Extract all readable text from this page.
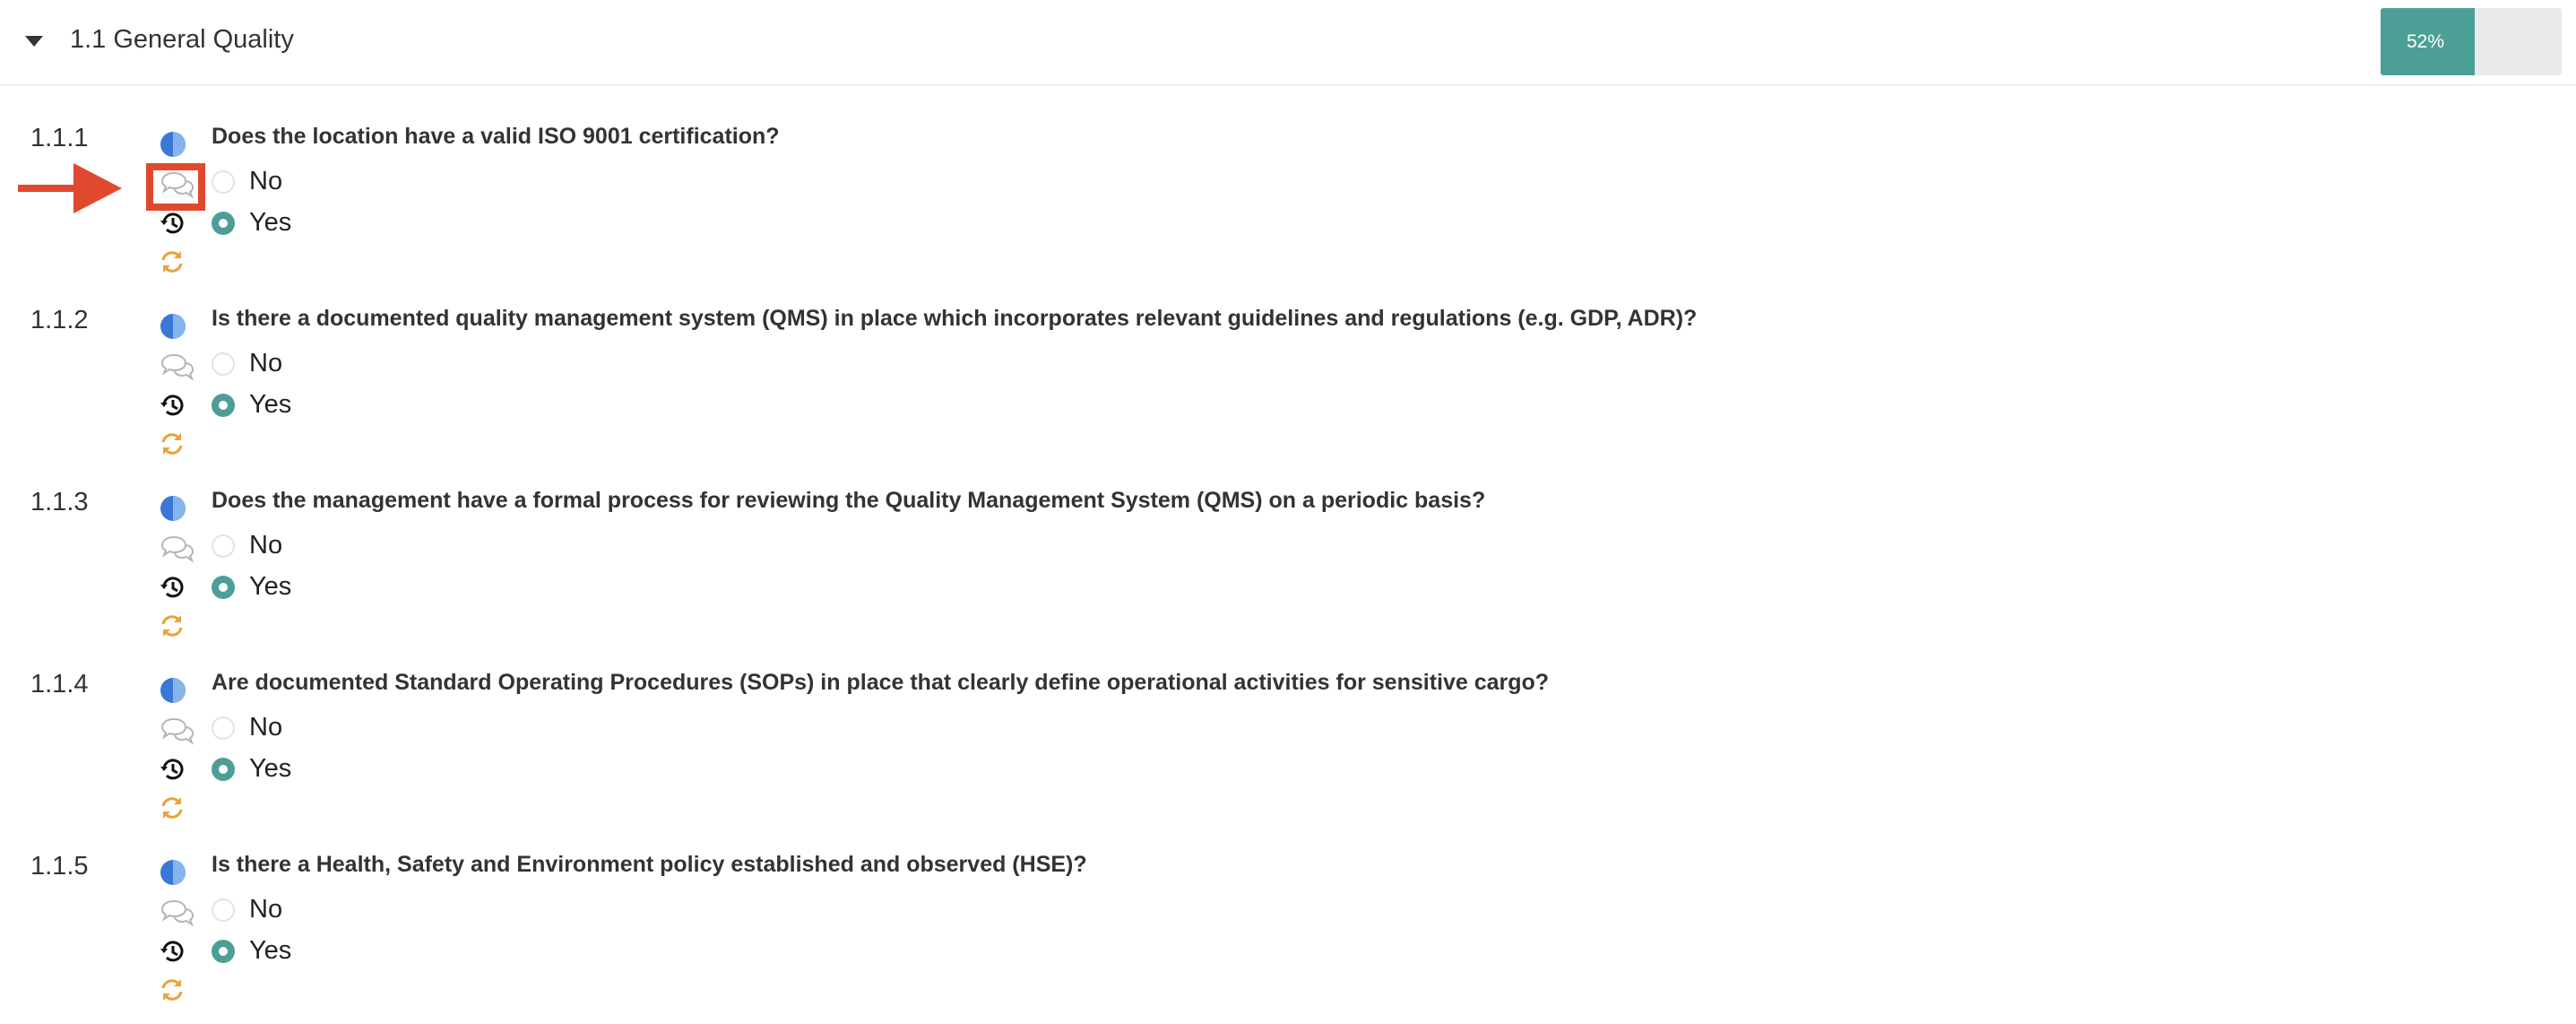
1.1 General Quality	52%
1.1.1	Does the location have a valid ISO 9001 certification?
No
Yes
1.1.2	Is there a documented quality management system (QMS) in place which incorporates relevant guidelines and regulations (e.g. GDP, ADR)?
No
Yes
1.1.3	Does the management have a formal process for reviewing the Quality Management System (QMS) on a periodic basis?
No
Yes
1.1.4	Are documented Standard Operating Procedures (SOPs) in place that clearly define operational activities for sensitive cargo?
No
Yes
1.1.5	Is there a Health, Safety and Environment policy established and observed (HSE)?
No
Yes
